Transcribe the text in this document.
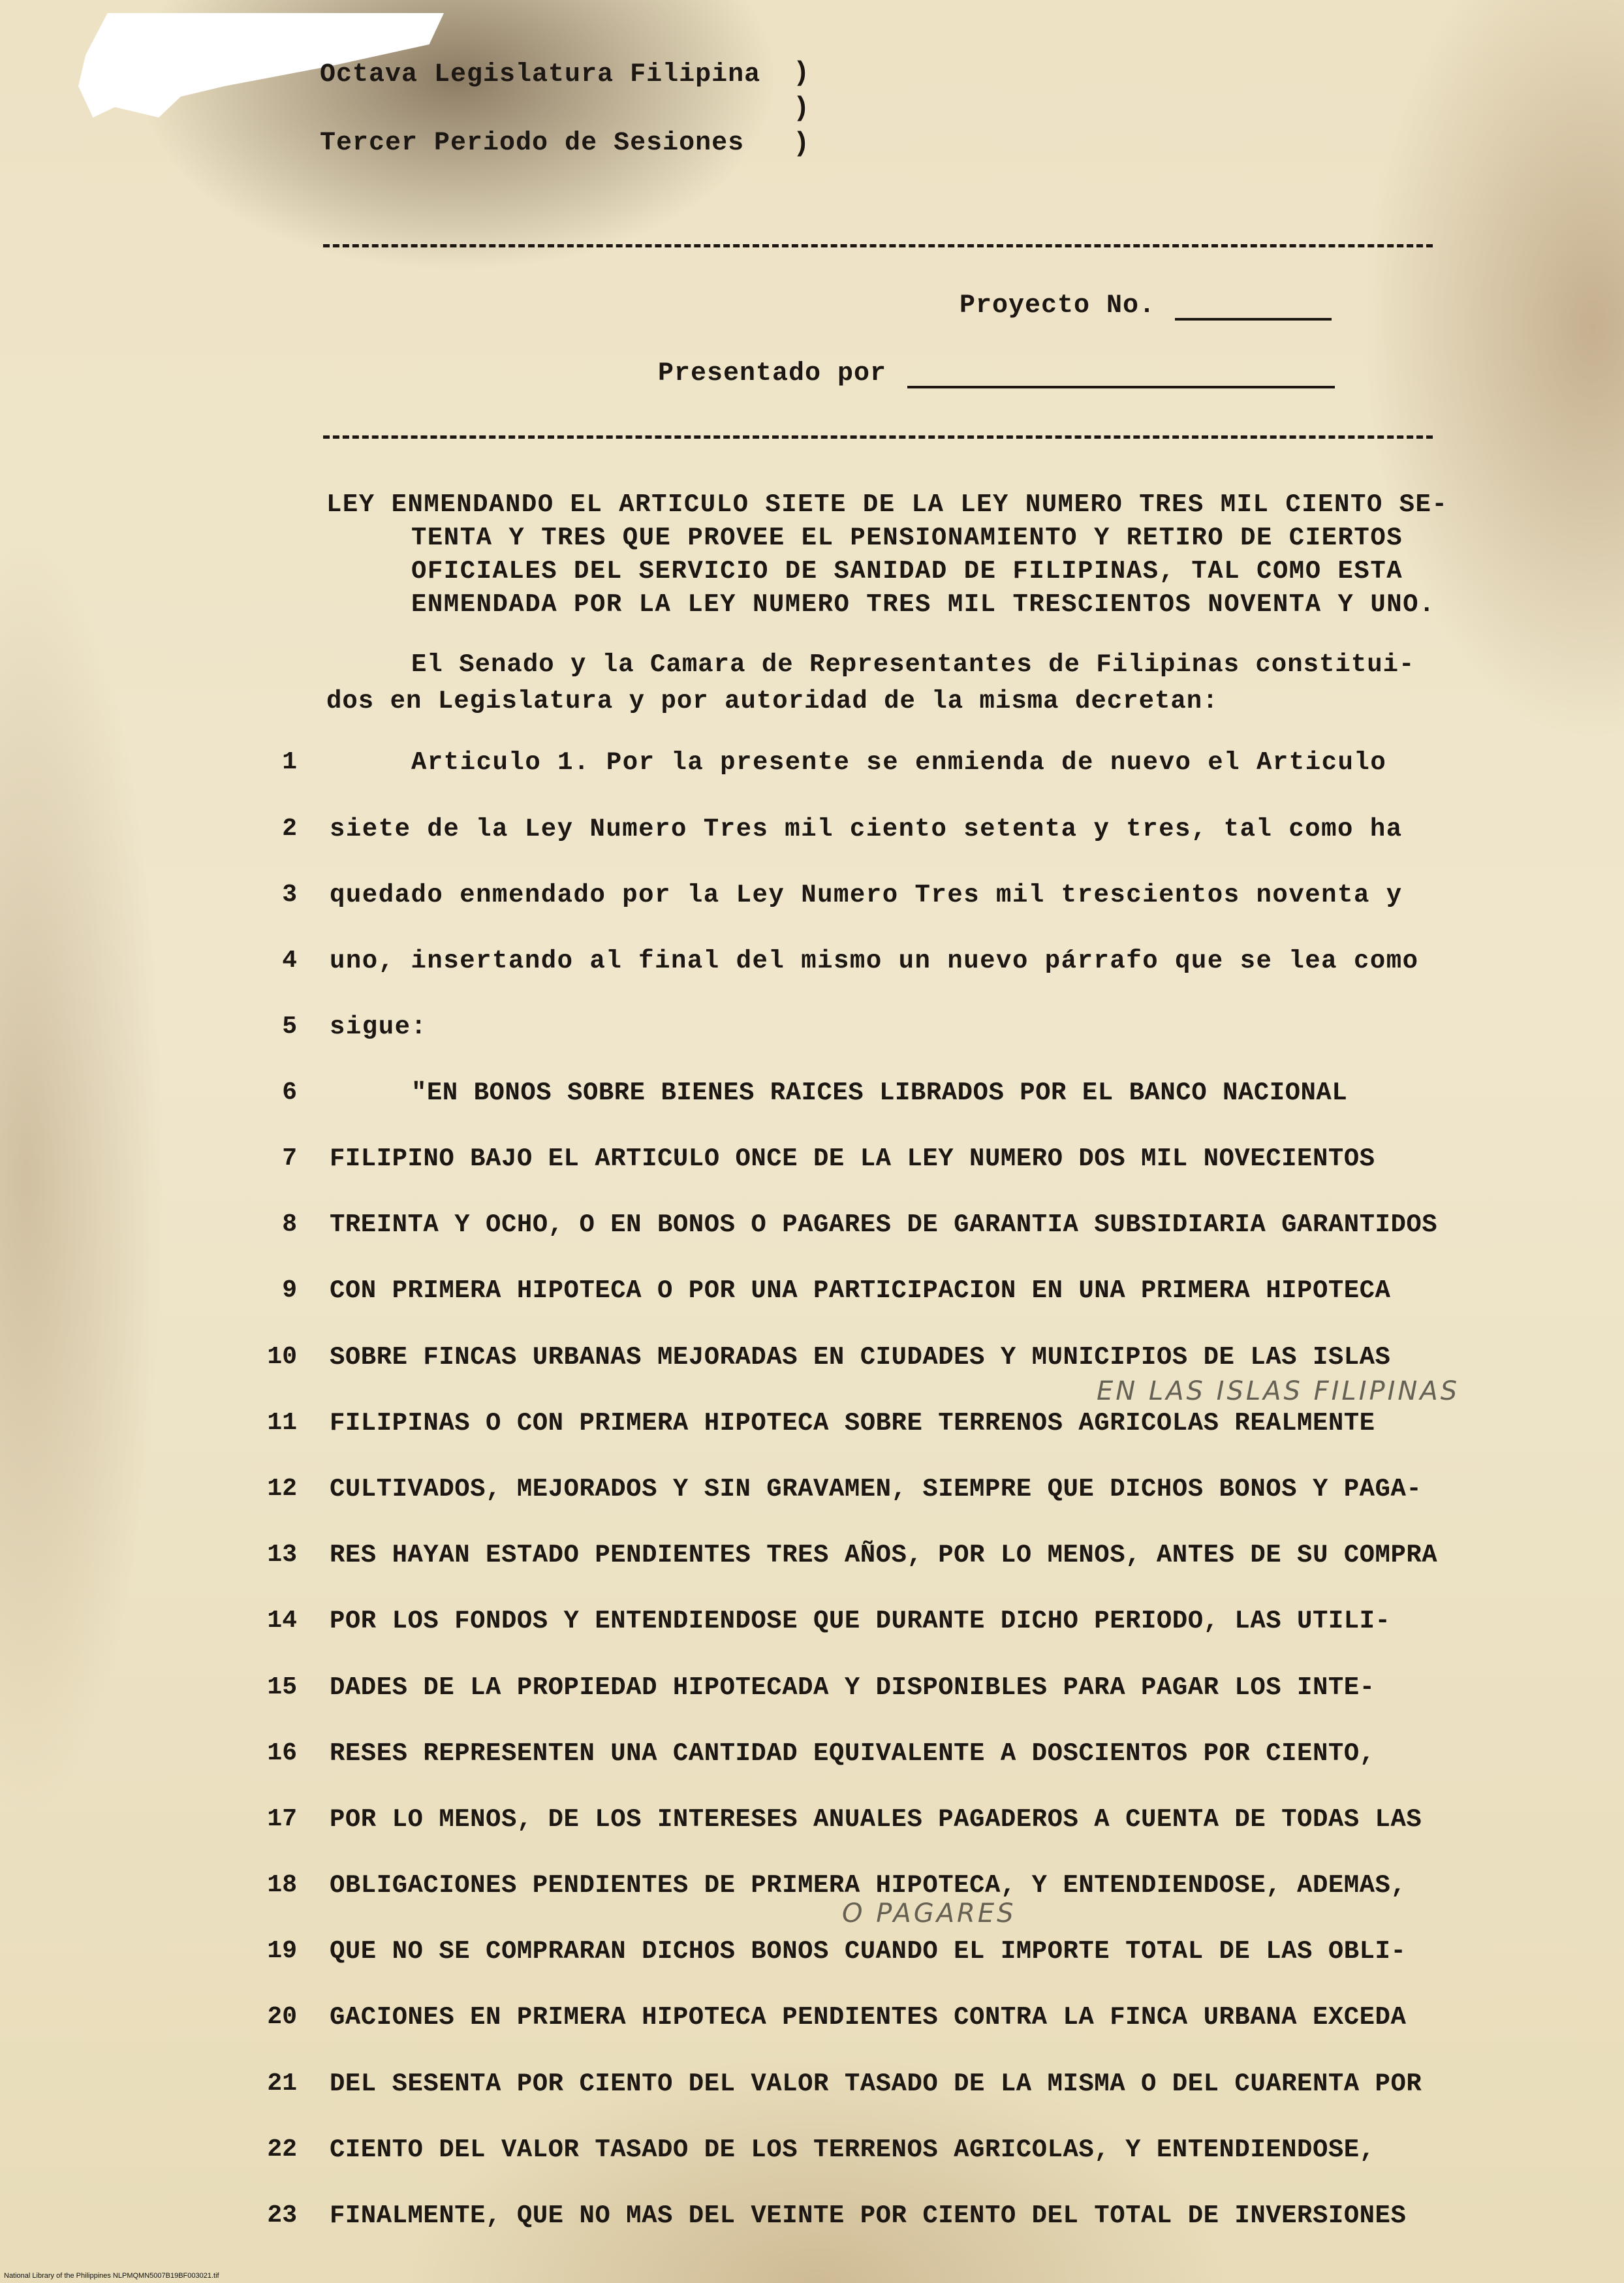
Octava Legislatura Filipina
Tercer Periodo de Sesiones
)
)
)
Proyecto No.
Presentado por
LEY ENMENDANDO EL ARTICULO SIETE DE LA LEY NUMERO TRES MIL CIENTO SE-
TENTA Y TRES QUE PROVEE EL PENSIONAMIENTO Y RETIRO DE CIERTOS
OFICIALES DEL SERVICIO DE SANIDAD DE FILIPINAS, TAL COMO ESTA
ENMENDADA POR LA LEY NUMERO TRES MIL TRESCIENTOS NOVENTA Y UNO.
El Senado y la Camara de Representantes de Filipinas constitui-
dos en Legislatura y por autoridad de la misma decretan:
1	Articulo 1. Por la presente se enmienda de nuevo el Articulo
2 siete de la Ley Numero Tres mil ciento setenta y tres, tal como ha
3 quedado enmendado por la Ley Numero Tres mil trescientos noventa y
4 uno, insertando al final del mismo un nuevo párrafo que se lea como
5 sigue:
6	"EN BONOS SOBRE BIENES RAICES LIBRADOS POR EL BANCO NACIONAL
7 FILIPINO BAJO EL ARTICULO ONCE DE LA LEY NUMERO DOS MIL NOVECIENTOS
8 TREINTA Y OCHO, O EN BONOS O PAGARES DE GARANTIA SUBSIDIARIA GARANTIDOS
9 CON PRIMERA HIPOTECA O POR UNA PARTICIPACION EN UNA PRIMERA HIPOTECA
10 SOBRE FINCAS URBANAS MEJORADAS EN CIUDADES Y MUNICIPIOS DE LAS ISLAS
11 FILIPINAS O CON PRIMERA HIPOTECA SOBRE TERRENOS AGRICOLAS REALMENTE
12 CULTIVADOS, MEJORADOS Y SIN GRAVAMEN, SIEMPRE QUE DICHOS BONOS Y PAGA-
13 RES HAYAN ESTADO PENDIENTES TRES AÑOS, POR LO MENOS, ANTES DE SU COMPRA
14 POR LOS FONDOS Y ENTENDIENDOSE QUE DURANTE DICHO PERIODO, LAS UTILI-
15 DADES DE LA PROPIEDAD HIPOTECADA Y DISPONIBLES PARA PAGAR LOS INTE-
16 RESES REPRESENTEN UNA CANTIDAD EQUIVALENTE A DOSCIENTOS POR CIENTO,
17 POR LO MENOS, DE LOS INTERESES ANUALES PAGADEROS A CUENTA DE TODAS LAS
18 OBLIGACIONES PENDIENTES DE PRIMERA HIPOTECA, Y ENTENDIENDOSE, ADEMAS,
19 QUE NO SE COMPRARAN DICHOS BONOS CUANDO EL IMPORTE TOTAL DE LAS OBLI-
20 GACIONES EN PRIMERA HIPOTECA PENDIENTES CONTRA LA FINCA URBANA EXCEDA
21 DEL SESENTA POR CIENTO DEL VALOR TASADO DE LA MISMA O DEL CUARENTA POR
22 CIENTO DEL VALOR TASADO DE LOS TERRENOS AGRICOLAS, Y ENTENDIENDOSE,
23 FINALMENTE, QUE NO MAS DEL VEINTE POR CIENTO DEL TOTAL DE INVERSIONES
EN LAS ISLAS FILIPINAS
O PAGARES
National Library of the Philippines NLPMQMN5007B19BF003021.tif
